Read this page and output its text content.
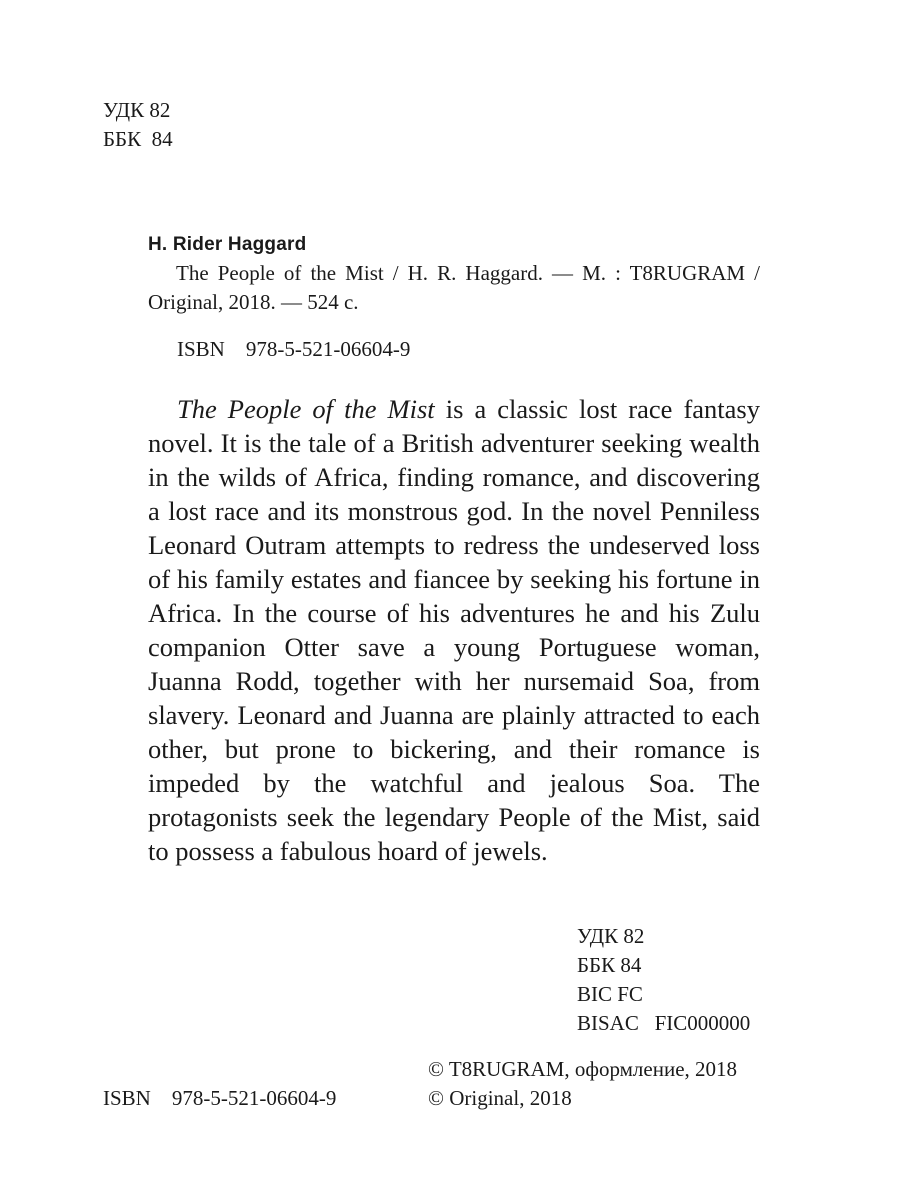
УДК 82
ББК  84
H. Rider Haggard
The People of the Mist / H. R. Haggard. — M. : T8RUGRAM / Original, 2018. — 524 c.
ISBN 978-5-521-06604-9
The People of the Mist is a classic lost race fantasy novel. It is the tale of a British adventurer seeking wealth in the wilds of Africa, finding romance, and discovering a lost race and its monstrous god. In the novel Penniless Leonard Outram attempts to redress the undeserved loss of his family estates and fiancee by seeking his fortune in Africa. In the course of his adventures he and his Zulu companion Otter save a young Portuguese woman, Juanna Rodd, together with her nursemaid Soa, from slavery. Leonard and Juanna are plainly attracted to each other, but prone to bickering, and their romance is impeded by the watchful and jealous Soa. The protagonists seek the legendary People of the Mist, said to possess a fabulous hoard of jewels.
УДК 82
ББК 84
BIC FC
BISAC   FIC000000
© T8RUGRAM, оформление, 2018
© Original, 2018
ISBN 978-5-521-06604-9
